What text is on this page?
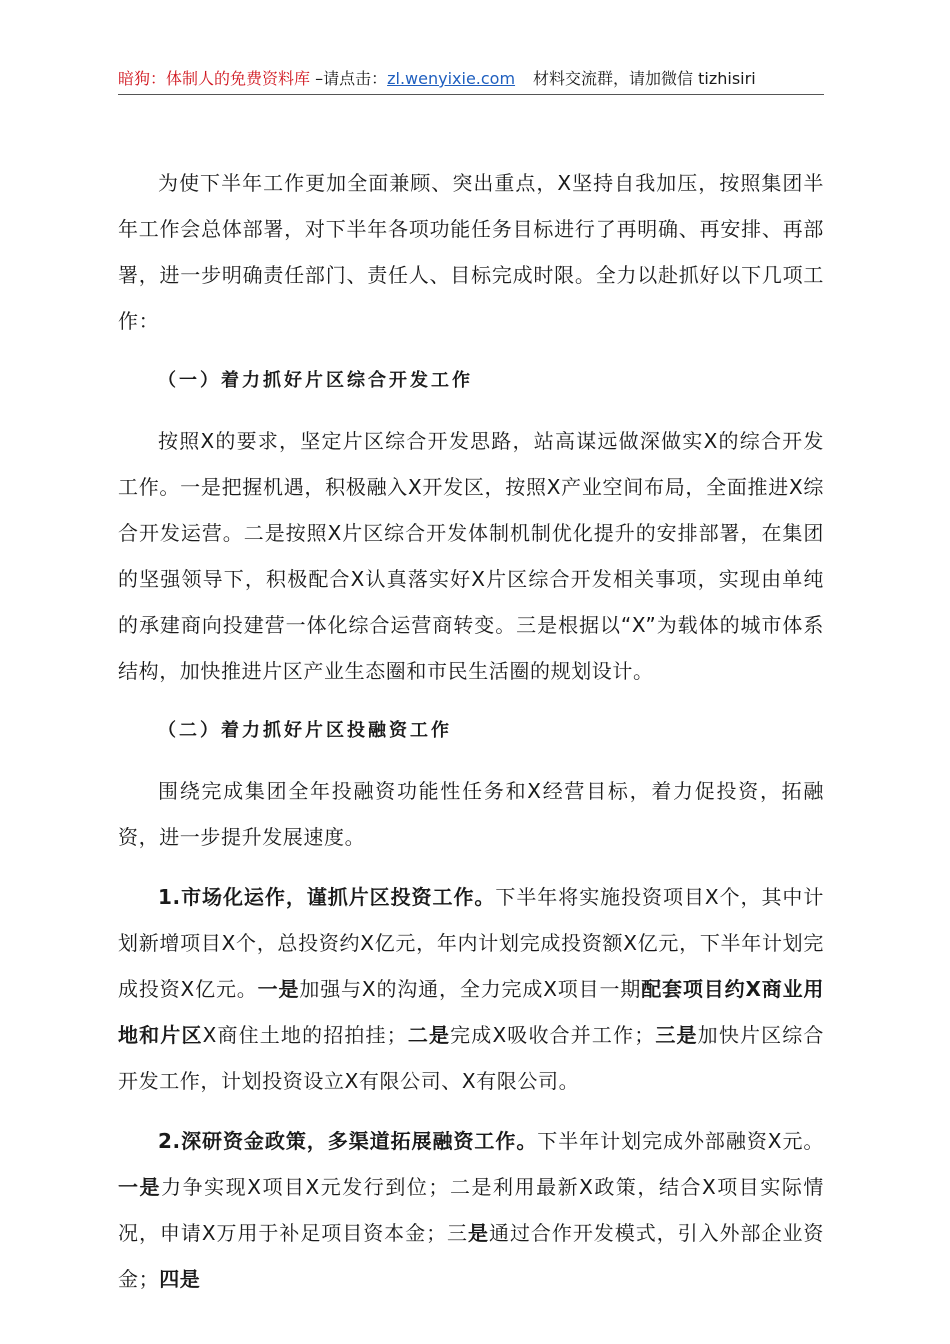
暗狗：体制人的免费资料库 –请点击：zl.wenyixie.com 材料交流群，请加微信 tizhisiri

为使下半年工作更加全面兼顾、突出重点，X坚持自我加压，按照集团半年工作会总体部署，对下半年各项功能任务目标进行了再明确、再安排、再部署，进一步明确责任部门、责任人、目标完成时限。全力以赴抓好以下几项工作：

（一）着力抓好片区综合开发工作

按照X的要求，坚定片区综合开发思路，站高谋远做深做实X的综合开发工作。一是把握机遇，积极融入X开发区，按照X产业空间布局，全面推进X综合开发运营。二是按照X片区综合开发体制机制优化提升的安排部署，在集团的坚强领导下，积极配合X认真落实好X片区综合开发相关事项，实现由单纯的承建商向投建营一体化综合运营商转变。三是根据以“X”为载体的城市体系结构，加快推进片区产业生态圈和市民生活圈的规划设计。

（二）着力抓好片区投融资工作

围绕完成集团全年投融资功能性任务和X经营目标，着力促投资，拓融资，进一步提升发展速度。

1.市场化运作，谨抓片区投资工作。下半年将实施投资项目X个，其中计划新增项目X个，总投资约X亿元，年内计划完成投资额X亿元，下半年计划完成投资X亿元。一是加强与X的沟通，全力完成X项目一期配套项目约X商业用地和片区X商住土地的招拍挂；二是完成X吸收合并工作；三是加快片区综合开发工作，计划投资设立X有限公司、X有限公司。

2.深研资金政策，多渠道拓展融资工作。下半年计划完成外部融资X元。一是力争实现X项目X元发行到位；二是利用最新X政策，结合X项目实际情况，申请X万用于补足项目资本金；三是通过合作开发模式，引入外部企业资金；四是
